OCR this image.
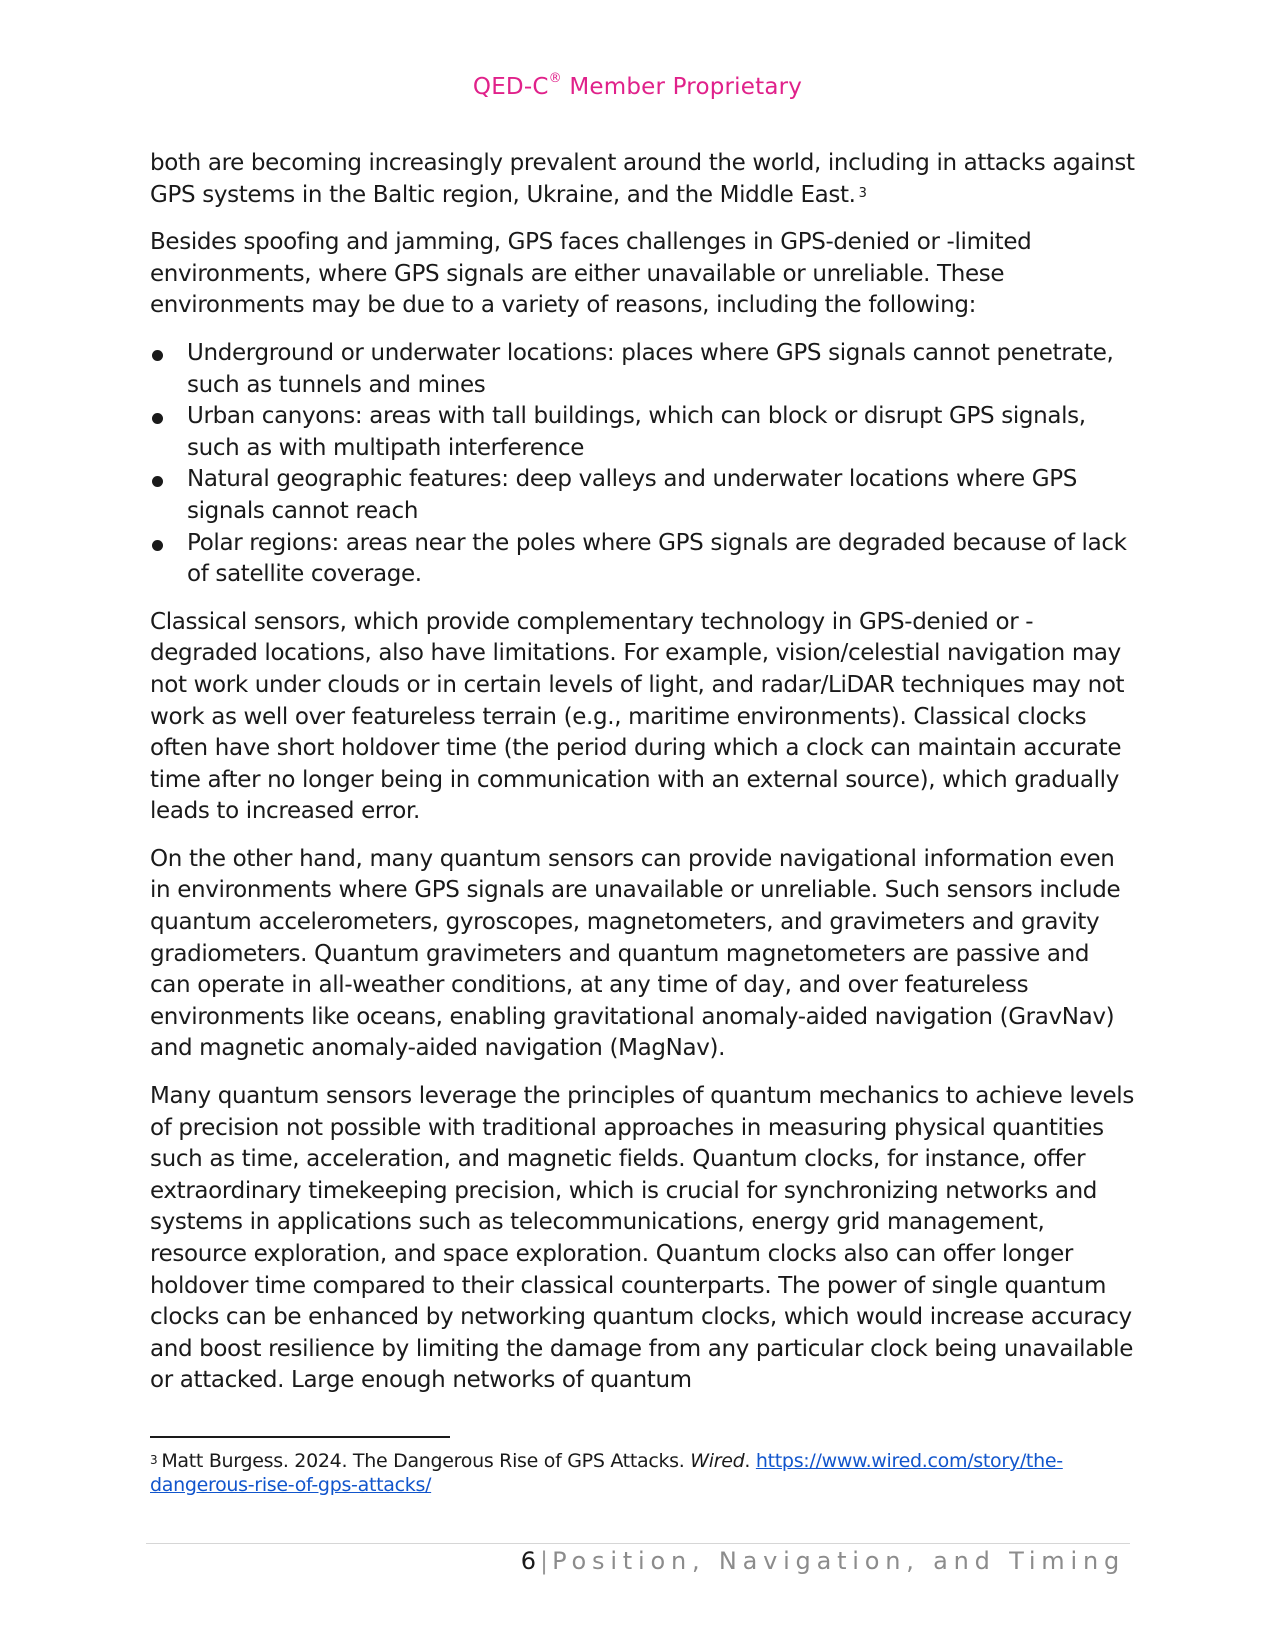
QED-C® Member Proprietary

both are becoming increasingly prevalent around the world, including in attacks against GPS systems in the Baltic region, Ukraine, and the Middle East. $^3$

Besides spoofing and jamming, GPS faces challenges in GPS-denied or -limited environments, where GPS signals are either unavailable or unreliable. These environments may be due to a variety of reasons, including the following:

Underground or underwater locations: places where GPS signals cannot penetrate, such as tunnels and mines
Urban canyons: areas with tall buildings, which can block or disrupt GPS signals, such as with multipath interference
Natural geographic features: deep valleys and underwater locations where GPS signals cannot reach
Polar regions: areas near the poles where GPS signals are degraded because of lack of satellite coverage.

Classical sensors, which provide complementary technology in GPS-denied or -degraded locations, also have limitations. For example, vision/celestial navigation may not work under clouds or in certain levels of light, and radar/LiDAR techniques may not work as well over featureless terrain (e.g., maritime environments). Classical clocks often have short holdover time (the period during which a clock can maintain accurate time after no longer being in communication with an external source), which gradually leads to increased error.

On the other hand, many quantum sensors can provide navigational information even in environments where GPS signals are unavailable or unreliable. Such sensors include quantum accelerometers, gyroscopes, magnetometers, and gravimeters and gravity gradiometers. Quantum gravimeters and quantum magnetometers are passive and can operate in all-weather conditions, at any time of day, and over featureless environments like oceans, enabling gravitational anomaly-aided navigation (GravNav) and magnetic anomaly-aided navigation (MagNav).

Many quantum sensors leverage the principles of quantum mechanics to achieve levels of precision not possible with traditional approaches in measuring physical quantities such as time, acceleration, and magnetic fields. Quantum clocks, for instance, offer extraordinary timekeeping precision, which is crucial for synchronizing networks and systems in applications such as telecommunications, energy grid management, resource exploration, and space exploration. Quantum clocks also can offer longer holdover time compared to their classical counterparts. The power of single quantum clocks can be enhanced by networking quantum clocks, which would increase accuracy and boost resilience by limiting the damage from any particular clock being unavailable or attacked. Large enough networks of quantum

$^3$ Matt Burgess. 2024. The Dangerous Rise of GPS Attacks. Wired. https://www.wired.com/story/the-dangerous-rise-of-gps-attacks/
6 | Position, Navigation, and Timing
